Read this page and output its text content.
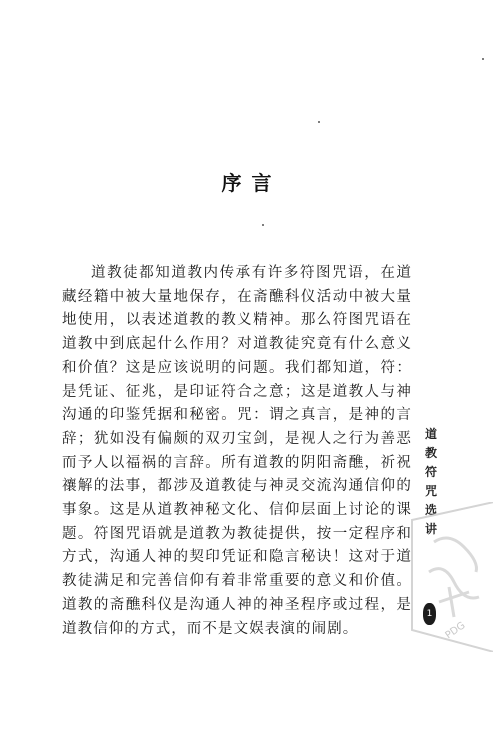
序言

道教徒都知道教内传承有许多符图咒语，在道藏经籍中被大量地保存，在斋醮科仪活动中被大量地使用，以表述道教的教义精神。那么符图咒语在道教中到底起什么作用？对道教徒究竟有什么意义和价值？这是应该说明的问题。我们都知道，符：是凭证、征兆，是印证符合之意；这是道教人与神沟通的印鉴凭据和秘密。咒：谓之真言，是神的言辞；犹如没有偏颇的双刃宝剑，是视人之行为善恶而予人以福祸的言辞。所有道教的阴阳斋醮，祈祝禳解的法事，都涉及道教徒与神灵交流沟通信仰的事象。这是从道教神秘文化、信仰层面上讨论的课题。符图咒语就是道教为教徒提供，按一定程序和方式，沟通人神的契印凭证和隐言秘诀！这对于道教徒满足和完善信仰有着非常重要的意义和价值。道教的斋醮科仪是沟通人神的神圣程序或过程，是道教信仰的方式，而不是文娱表演的闹剧。

道教符咒选讲
PDG
1
